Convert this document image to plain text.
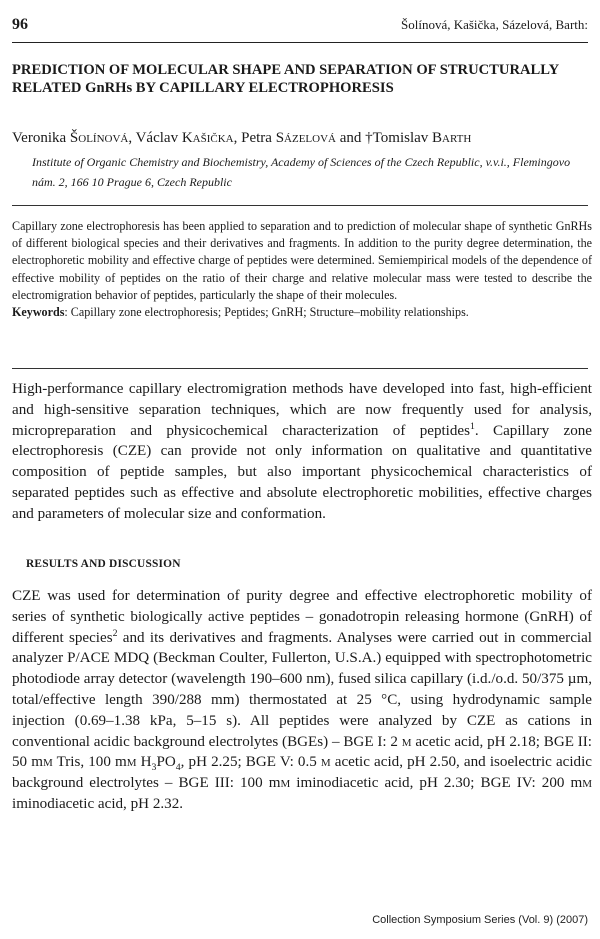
96	Šolínová, Kašička, Sázelová, Barth:
PREDICTION OF MOLECULAR SHAPE AND SEPARATION OF STRUCTURALLY RELATED GnRHs BY CAPILLARY ELECTROPHORESIS
Veronika Šolínová, Václav Kašička, Petra Sázelová and †Tomislav Barth

Institute of Organic Chemistry and Biochemistry, Academy of Sciences of the Czech Republic, v.v.i., Flemingovo nám. 2, 166 10 Prague 6, Czech Republic

Capillary zone electrophoresis has been applied to separation and to prediction of molecular shape of synthetic GnRHs of different biological species and their derivatives and fragments. In addition to the purity degree determination, the electrophoretic mobility and effective charge of peptides were determined. Semiempirical models of the dependence of effective mobility of peptides on the ratio of their charge and relative molecular mass were tested to describe the electromigration behavior of peptides, particularly the shape of their molecules.
Keywords: Capillary zone electrophoresis; Peptides; GnRH; Structure–mobility relationships.

High-performance capillary electromigration methods have developed into fast, high-efficient and high-sensitive separation techniques, which are now frequently used for analysis, micropreparation and physicochemical characterization of peptides$^1$. Capillary zone electrophoresis (CZE) can provide not only information on qualitative and quantitative composition of peptide samples, but also important physicochemical characteristics of separated peptides such as effective and absolute electrophoretic mobilities, effective charges and parameters of molecular size and conformation.

RESULTS AND DISCUSSION

CZE was used for determination of purity degree and effective electrophoretic mobility of series of synthetic biologically active peptides – gonadotropin releasing hormone (GnRH) of different species$^2$ and its derivatives and fragments. Analyses were carried out in commercial analyzer P/ACE MDQ (Beckman Coulter, Fullerton, U.S.A.) equipped with spectrophotometric photodiode array detector (wavelength 190–600 nm), fused silica capillary (i.d./o.d. 50/375 µm, total/effective length 390/288 mm) thermostated at 25 °C, using hydrodynamic sample injection (0.69–1.38 kPa, 5–15 s). All peptides were analyzed by CZE as cations in conventional acidic background electrolytes (BGEs) – BGE I: 2 m acetic acid, pH 2.18; BGE II: 50 mm Tris, 100 mm $H_3PO_4$, pH 2.25; BGE V: 0.5 m acetic acid, pH 2.50, and isoelectric acidic background electrolytes – BGE III: 100 mm iminodiacetic acid, pH 2.30; BGE IV: 200 mm iminodiacetic acid, pH 2.32.

Collection Symposium Series (Vol. 9) (2007)
